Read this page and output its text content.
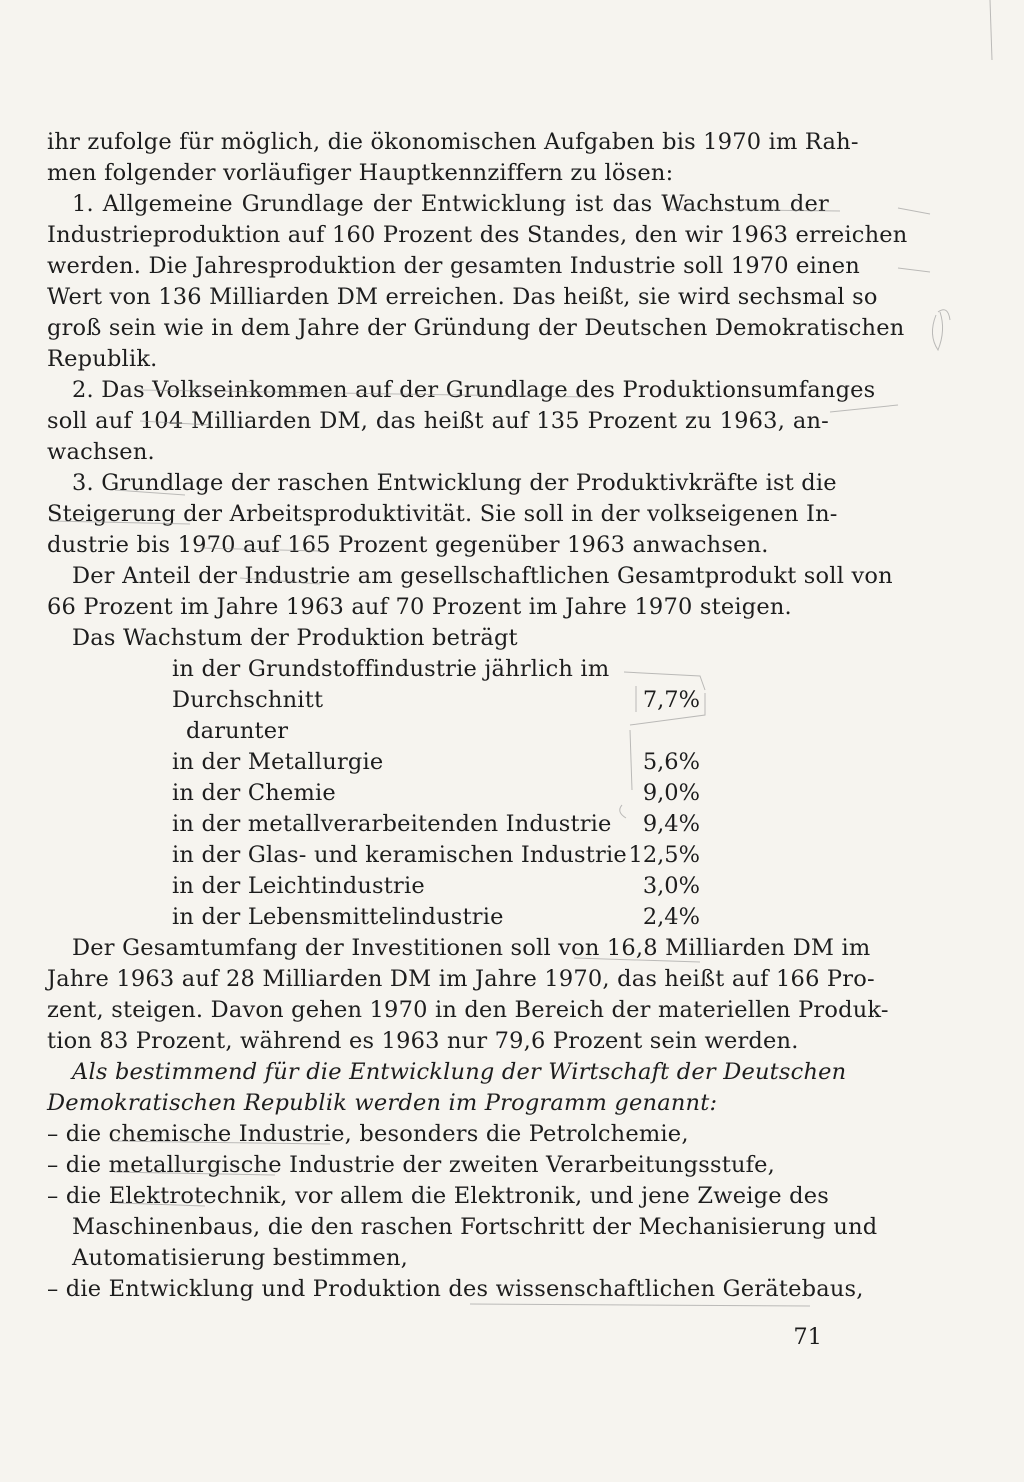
ihr zufolge für möglich, die ökonomischen Aufgaben bis 1970 im Rah-
men folgender vorläufiger Hauptkennziffern zu lösen:
1. Allgemeine Grundlage der Entwicklung ist das Wachstum der
Industrieproduktion auf 160 Prozent des Standes, den wir 1963 erreichen
werden. Die Jahresproduktion der gesamten Industrie soll 1970 einen
Wert von 136 Milliarden DM erreichen. Das heißt, sie wird sechsmal so
groß sein wie in dem Jahre der Gründung der Deutschen Demokratischen
Republik.
2. Das Volkseinkommen auf der Grundlage des Produktionsumfanges
soll auf 104 Milliarden DM, das heißt auf 135 Prozent zu 1963, an-
wachsen.
3. Grundlage der raschen Entwicklung der Produktivkräfte ist die
Steigerung der Arbeitsproduktivität. Sie soll in der volkseigenen In-
dustrie bis 1970 auf 165 Prozent gegenüber 1963 anwachsen.
Der Anteil der Industrie am gesellschaftlichen Gesamtprodukt soll von
66 Prozent im Jahre 1963 auf 70 Prozent im Jahre 1970 steigen.
Das Wachstum der Produktion beträgt
in der Grundstoffindustrie jährlich im
Durchschnitt	7,7%
darunter
in der Metallurgie	5,6%
in der Chemie	9,0%
in der metallverarbeitenden Industrie	9,4%
in der Glas- und keramischen Industrie 12,5%
in der Leichtindustrie	3,0%
in der Lebensmittelindustrie	2,4%
Der Gesamtumfang der Investitionen soll von 16,8 Milliarden DM im
Jahre 1963 auf 28 Milliarden DM im Jahre 1970, das heißt auf 166 Pro-
zent, steigen. Davon gehen 1970 in den Bereich der materiellen Produk-
tion 83 Prozent, während es 1963 nur 79,6 Prozent sein werden.
Als bestimmend für die Entwicklung der Wirtschaft der Deutschen
Demokratischen Republik werden im Programm genannt:
– die chemische Industrie, besonders die Petrolchemie,
– die metallurgische Industrie der zweiten Verarbeitungsstufe,
– die Elektrotechnik, vor allem die Elektronik, und jene Zweige des
Maschinenbaus, die den raschen Fortschritt der Mechanisierung und
Automatisierung bestimmen,
– die Entwicklung und Produktion des wissenschaftlichen Gerätebaus,
71
